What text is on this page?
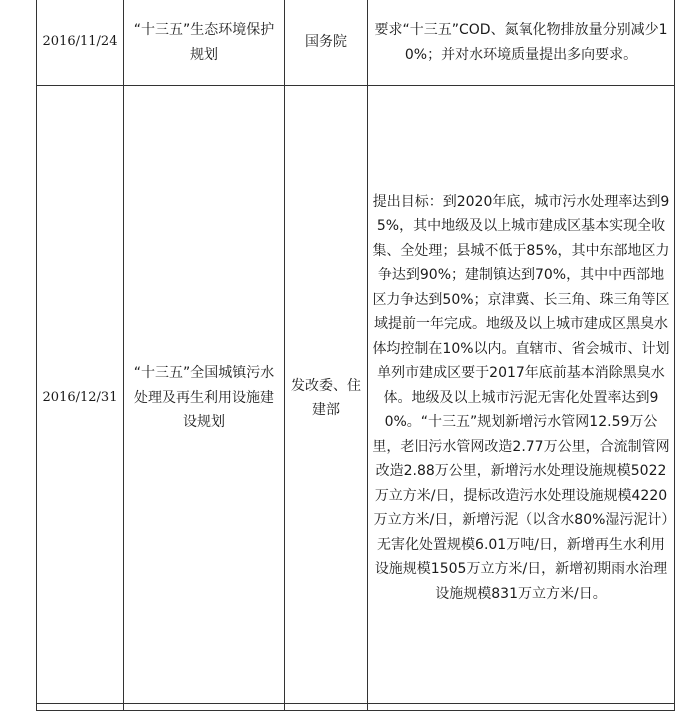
2016/11/24	“十三五”生态环境保护规划	国务院	要求“十三五”COD、氮氧化物排放量分别减少10%；并对水环境质量提出多向要求。
2016/12/31	“十三五”全国城镇污水处理及再生利用设施建设规划	发改委、住建部	提出目标：到2020年底，城市污水处理率达到95%，其中地级及以上城市建成区基本实现全收集、全处理；县城不低于85%，其中东部地区力争达到90%；建制镇达到70%，其中中西部地区力争达到50%；京津冀、长三角、珠三角等区域提前一年完成。地级及以上城市建成区黑臭水体均控制在10%以内。直辖市、省会城市、计划单列市建成区要于2017年底前基本消除黑臭水体。地级及以上城市污泥无害化处置率达到90%。“十三五”规划新增污水管网12.59万公里，老旧污水管网改造2.77万公里，合流制管网改造2.88万公里，新增污水处理设施规模5022万立方米/日，提标改造污水处理设施规模4220万立方米/日，新增污泥（以含水80%湿污泥计）无害化处置规模6.01万吨/日，新增再生水利用设施规模1505万立方米/日，新增初期雨水治理设施规模831万立方米/日。
